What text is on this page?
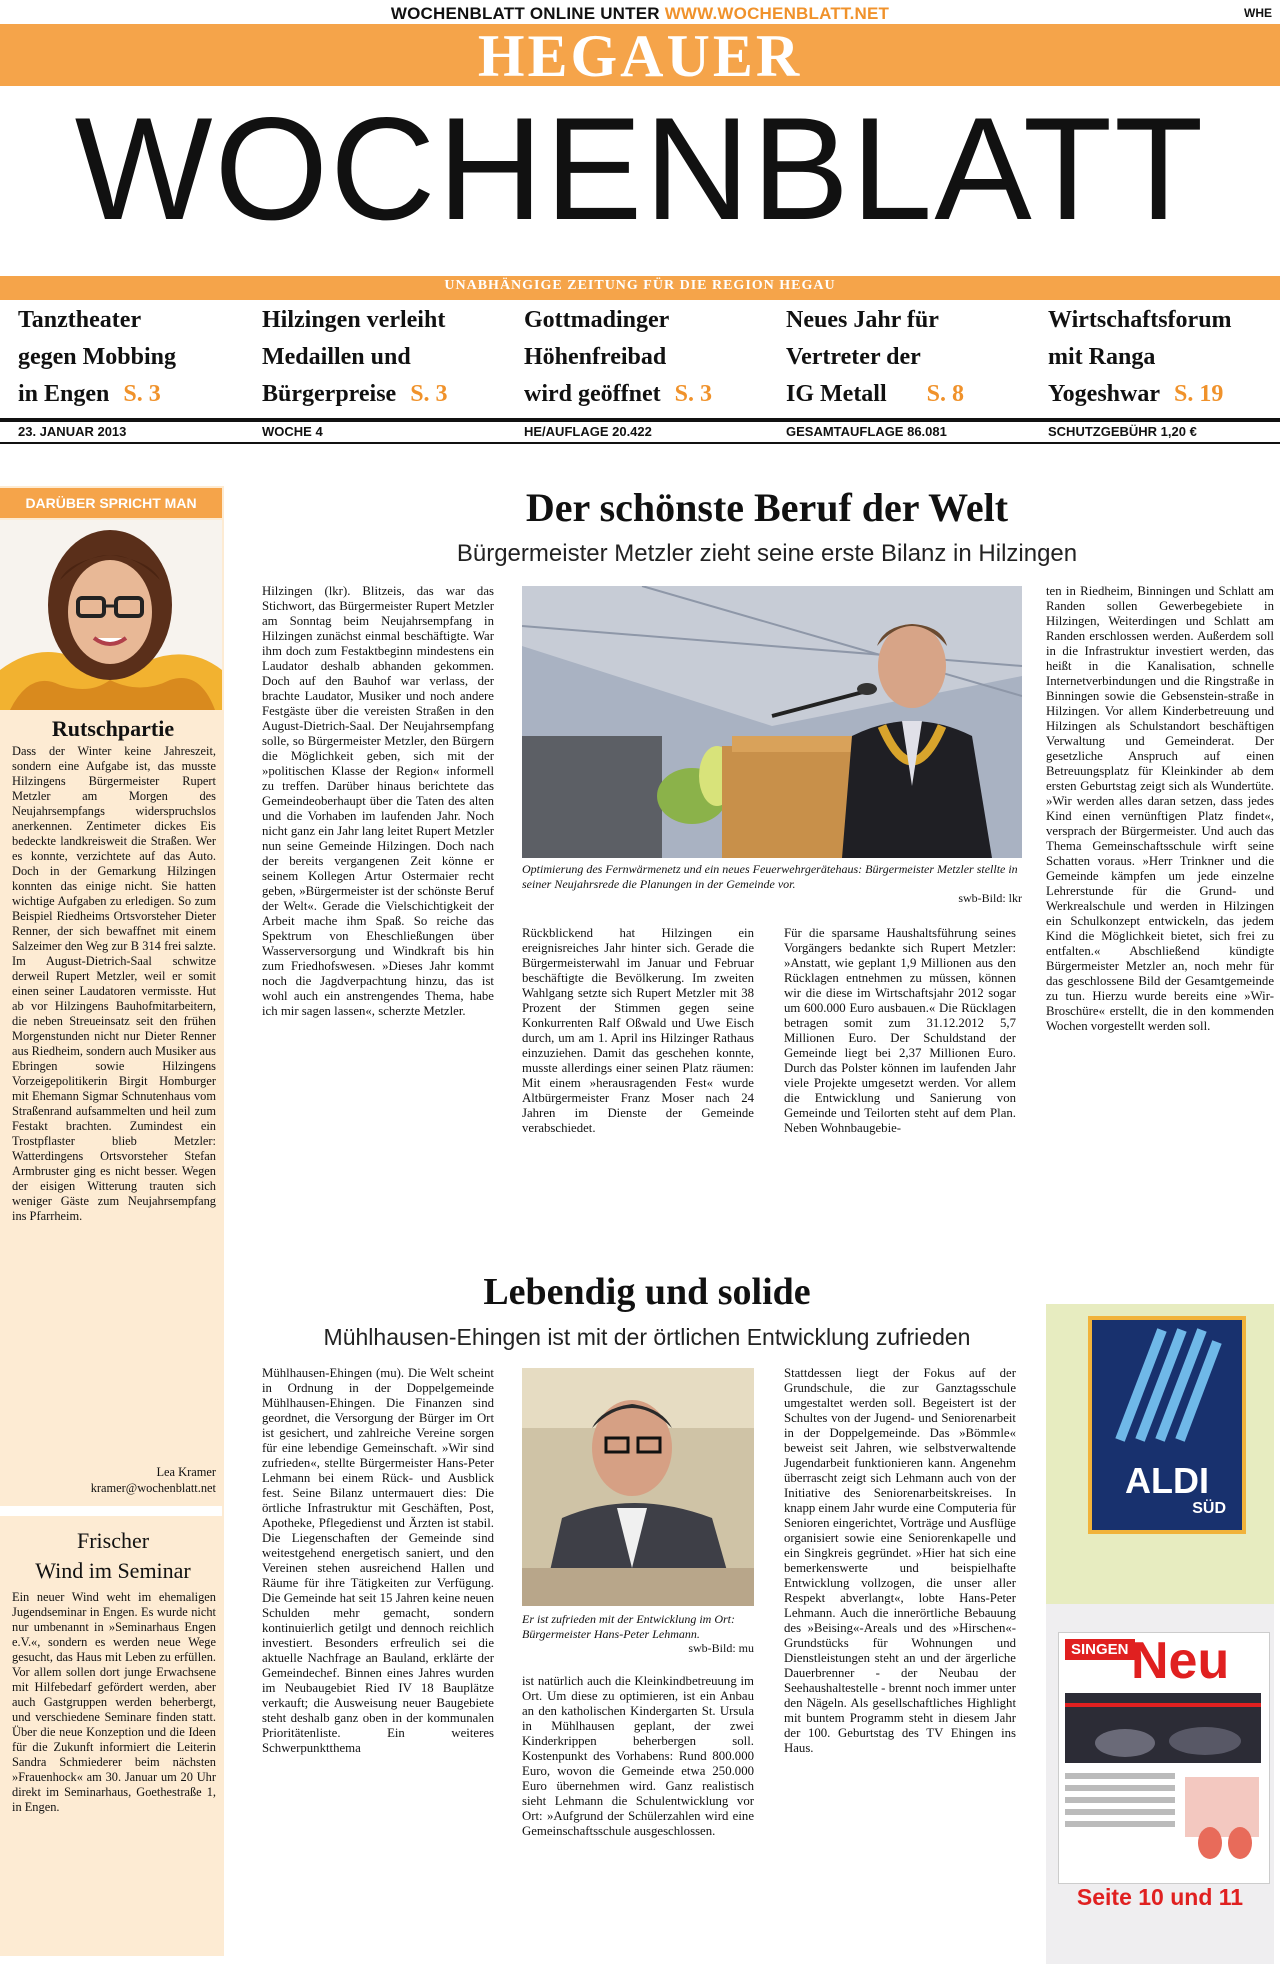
WOCHENBLATT ONLINE UNTER WWW.WOCHENBLATT.NET	WHE
HEGAUER
WOCHENBLATT
UNABHÄNGIGE ZEITUNG FÜR DIE REGION HEGAU
Tanztheater
gegen Mobbing
in Engen S. 3
Hilzingen verleiht
Medaillen und
Bürgerpreise S. 3
Gottmadinger
Höhenfreibad
wird geöffnet S. 3
Neues Jahr für
Vertreter der
IG Metall S. 8
Wirtschaftsforum
mit Ranga
Yogeshwar S. 19
23. JANUAR 2013	WOCHE 4	HE/AUFLAGE 20.422	GESAMTAUFLAGE 86.081	SCHUTZGEBÜHR 1,20 €
DARÜBER SPRICHT MAN
Rutschpartie
Dass der Winter keine Jahreszeit, sondern eine Aufgabe ist, das musste Hilzingens Bürgermeister Rupert Metzler am Morgen des Neujahrsempfangs widerspruchslos anerkennen. Zentimeter dickes Eis bedeckte landkreisweit die Straßen. Wer es konnte, verzichtete auf das Auto. Doch in der Gemarkung Hilzingen konnten das einige nicht. Sie hatten wichtige Aufgaben zu erledigen. So zum Beispiel Riedheims Ortsvorsteher Dieter Renner, der sich bewaffnet mit einem Salzeimer den Weg zur B 314 frei salzte. Im August-Dietrich-Saal schwitze derweil Rupert Metzler, weil er somit einen seiner Laudatoren vermisste. Hut ab vor Hilzingens Bauhofmitarbeitern, die neben Streueinsatz seit den frühen Morgenstunden nicht nur Dieter Renner aus Riedheim, sondern auch Musiker aus Ebringen sowie Hilzingens Vorzeigepolitikerin Birgit Homburger mit Ehemann Sigmar Schnutenhaus vom Straßenrand aufsammelten und heil zum Festakt brachten. Zumindest ein Trostpflaster blieb Metzler: Watterdingens Ortsvorsteher Stefan Armbruster ging es nicht besser. Wegen der eisigen Witterung trauten sich weniger Gäste zum Neujahrsempfang ins Pfarrheim.
Lea Kramer
kramer@wochenblatt.net
Frischer
Wind im Seminar
Ein neuer Wind weht im ehemaligen Jugendseminar in Engen. Es wurde nicht nur umbenannt in »Seminarhaus Engen e.V.«, sondern es werden neue Wege gesucht, das Haus mit Leben zu erfüllen. Vor allem sollen dort junge Erwachsene mit Hilfebedarf gefördert werden, aber auch Gastgruppen werden beherbergt, und verschiedene Seminare finden statt. Über die neue Konzeption und die Ideen für die Zukunft informiert die Leiterin Sandra Schmiederer beim nächsten »Frauenhock« am 30. Januar um 20 Uhr direkt im Seminarhaus, Goethestraße 1, in Engen.
Der schönste Beruf der Welt
Bürgermeister Metzler zieht seine erste Bilanz in Hilzingen
Hilzingen (lkr). Blitzeis, das war das Stichwort, das Bürgermeister Rupert Metzler am Sonntag beim Neujahrsempfang in Hilzingen zunächst einmal beschäftigte. War ihm doch zum Festaktbeginn mindestens ein Laudator deshalb abhanden gekommen. Doch auf den Bauhof war verlass, der brachte Laudator, Musiker und noch andere Festgäste über die vereisten Straßen in den August-Dietrich-Saal. Der Neujahrsempfang solle, so Bürgermeister Metzler, den Bürgern die Möglichkeit geben, sich mit der »politischen Klasse der Region« informell zu treffen. Darüber hinaus berichtete das Gemeindeoberhaupt über die Taten des alten und die Vorhaben im laufenden Jahr. Noch nicht ganz ein Jahr lang leitet Rupert Metzler nun seine Gemeinde Hilzingen. Doch nach der bereits vergangenen Zeit könne er seinem Kollegen Artur Ostermaier recht geben, »Bürgermeister ist der schönste Beruf der Welt«. Gerade die Vielschichtigkeit der Arbeit mache ihm Spaß. So reiche das Spektrum von Eheschließungen über Wasserversorgung und Windkraft bis hin zum Friedhofswesen. »Dieses Jahr kommt noch die Jagdverpachtung hinzu, das ist wohl auch ein anstrengendes Thema, habe ich mir sagen lassen«, scherzte Metzler.
Optimierung des Fernwärmenetz und ein neues Feuerwehrgerätehaus: Bürgermeister Metzler stellte in seiner Neujahrsrede die Planungen in der Gemeinde vor.
swb-Bild: lkr
Rückblickend hat Hilzingen ein ereignisreiches Jahr hinter sich. Gerade die Bürgermeisterwahl im Januar und Februar beschäftigte die Bevölkerung. Im zweiten Wahlgang setzte sich Rupert Metzler mit 38 Prozent der Stimmen gegen seine Konkurrenten Ralf Oßwald und Uwe Eisch durch, um am 1. April ins Hilzinger Rathaus einzuziehen. Damit das geschehen konnte, musste allerdings einer seinen Platz räumen: Mit einem »herausragenden Fest« wurde Altbürgermeister Franz Moser nach 24 Jahren im Dienste der Gemeinde verabschiedet.
Für die sparsame Haushaltsführung seines Vorgängers bedankte sich Rupert Metzler: »Anstatt, wie geplant 1,9 Millionen aus den Rücklagen entnehmen zu müssen, können wir die diese im Wirtschaftsjahr 2012 sogar um 600.000 Euro ausbauen.« Die Rücklagen betragen somit zum 31.12.2012 5,7 Millionen Euro. Der Schuldstand der Gemeinde liegt bei 2,37 Millionen Euro. Durch das Polster können im laufenden Jahr viele Projekte umgesetzt werden. Vor allem die Entwicklung und Sanierung von Gemeinde und Teilorten steht auf dem Plan. Neben Wohnbaugebie-
ten in Riedheim, Binningen und Schlatt am Randen sollen Gewerbegebiete in Hilzingen, Weiterdingen und Schlatt am Randen erschlossen werden. Außerdem soll in die Infrastruktur investiert werden, das heißt in die Kanalisation, schnelle Internetverbindungen und die Ringstraße in Binningen sowie die Gebsenstein-straße in Hilzingen. Vor allem Kinderbetreuung und Hilzingen als Schulstandort beschäftigen Verwaltung und Gemeinderat. Der gesetzliche Anspruch auf einen Betreuungsplatz für Kleinkinder ab dem ersten Geburtstag zeigt sich als Wundertüte. »Wir werden alles daran setzen, dass jedes Kind einen vernünftigen Platz findet«, versprach der Bürgermeister. Und auch das Thema Gemeinschaftsschule wirft seine Schatten voraus. »Herr Trinkner und die Gemeinde kämpfen um jede einzelne Lehrerstunde für die Grund- und Werkrealschule und werden in Hilzingen ein Schulkonzept entwickeln, das jedem Kind die Möglichkeit bietet, sich frei zu entfalten.« Abschließend kündigte Bürgermeister Metzler an, noch mehr für das geschlossene Bild der Gesamtgemeinde zu tun. Hierzu wurde bereits eine »Wir-Broschüre« erstellt, die in den kommenden Wochen vorgestellt werden soll.
Lebendig und solide
Mühlhausen-Ehingen ist mit der örtlichen Entwicklung zufrieden
Mühlhausen-Ehingen (mu). Die Welt scheint in Ordnung in der Doppelgemeinde Mühlhausen-Ehingen. Die Finanzen sind geordnet, die Versorgung der Bürger im Ort ist gesichert, und zahlreiche Vereine sorgen für eine lebendige Gemeinschaft. »Wir sind zufrieden«, stellte Bürgermeister Hans-Peter Lehmann bei einem Rück- und Ausblick fest. Seine Bilanz untermauert dies: Die örtliche Infrastruktur mit Geschäften, Post, Apotheke, Pflegedienst und Ärzten ist stabil. Die Liegenschaften der Gemeinde sind weitestgehend energetisch saniert, und den Vereinen stehen ausreichend Hallen und Räume für ihre Tätigkeiten zur Verfügung. Die Gemeinde hat seit 15 Jahren keine neuen Schulden mehr gemacht, sondern kontinuierlich getilgt und dennoch reichlich investiert. Besonders erfreulich sei die aktuelle Nachfrage an Bauland, erklärte der Gemeindechef. Binnen eines Jahres wurden im Neubaugebiet Ried IV 18 Bauplätze verkauft; die Ausweisung neuer Baugebiete steht deshalb ganz oben in der kommunalen Prioritätenliste. Ein weiteres Schwerpunktthema
Er ist zufrieden mit der Entwicklung im Ort: Bürgermeister Hans-Peter Lehmann.
swb-Bild: mu
ist natürlich auch die Kleinkindbetreuung im Ort. Um diese zu optimieren, ist ein Anbau an den katholischen Kindergarten St. Ursula in Mühlhausen geplant, der zwei Kinderkrippen beherbergen soll. Kostenpunkt des Vorhabens: Rund 800.000 Euro, wovon die Gemeinde etwa 250.000 Euro übernehmen wird. Ganz realistisch sieht Lehmann die Schulentwicklung vor Ort: »Aufgrund der Schülerzahlen wird eine Gemeinschaftsschule ausgeschlossen.
Stattdessen liegt der Fokus auf der Grundschule, die zur Ganztagsschule umgestaltet werden soll. Begeistert ist der Schultes von der Jugend- und Seniorenarbeit in der Doppelgemeinde. Das »Bömmle« beweist seit Jahren, wie selbstverwaltende Jugendarbeit funktionieren kann. Angenehm überrascht zeigt sich Lehmann auch von der Initiative des Seniorenarbeitskreises. In knapp einem Jahr wurde eine Computeria für Senioren eingerichtet, Vorträge und Ausflüge organisiert sowie eine Seniorenkapelle und ein Singkreis gegründet. »Hier hat sich eine bemerkenswerte und beispielhafte Entwicklung vollzogen, die unser aller Respekt abverlangt«, lobte Hans-Peter Lehmann. Auch die innerörtliche Bebauung des »Beising«-Areals und des »Hirschen«-Grundstücks für Wohnungen und Dienstleistungen steht an und der ärgerliche Dauerbrenner - der Neubau der Seehaushaltestelle - brennt noch immer unter den Nägeln. Als gesellschaftliches Highlight mit buntem Programm steht in diesem Jahr der 100. Geburtstag des TV Ehingen ins Haus.
ALDI
SÜD
SINGEN Neu
Seite 10 und 11
